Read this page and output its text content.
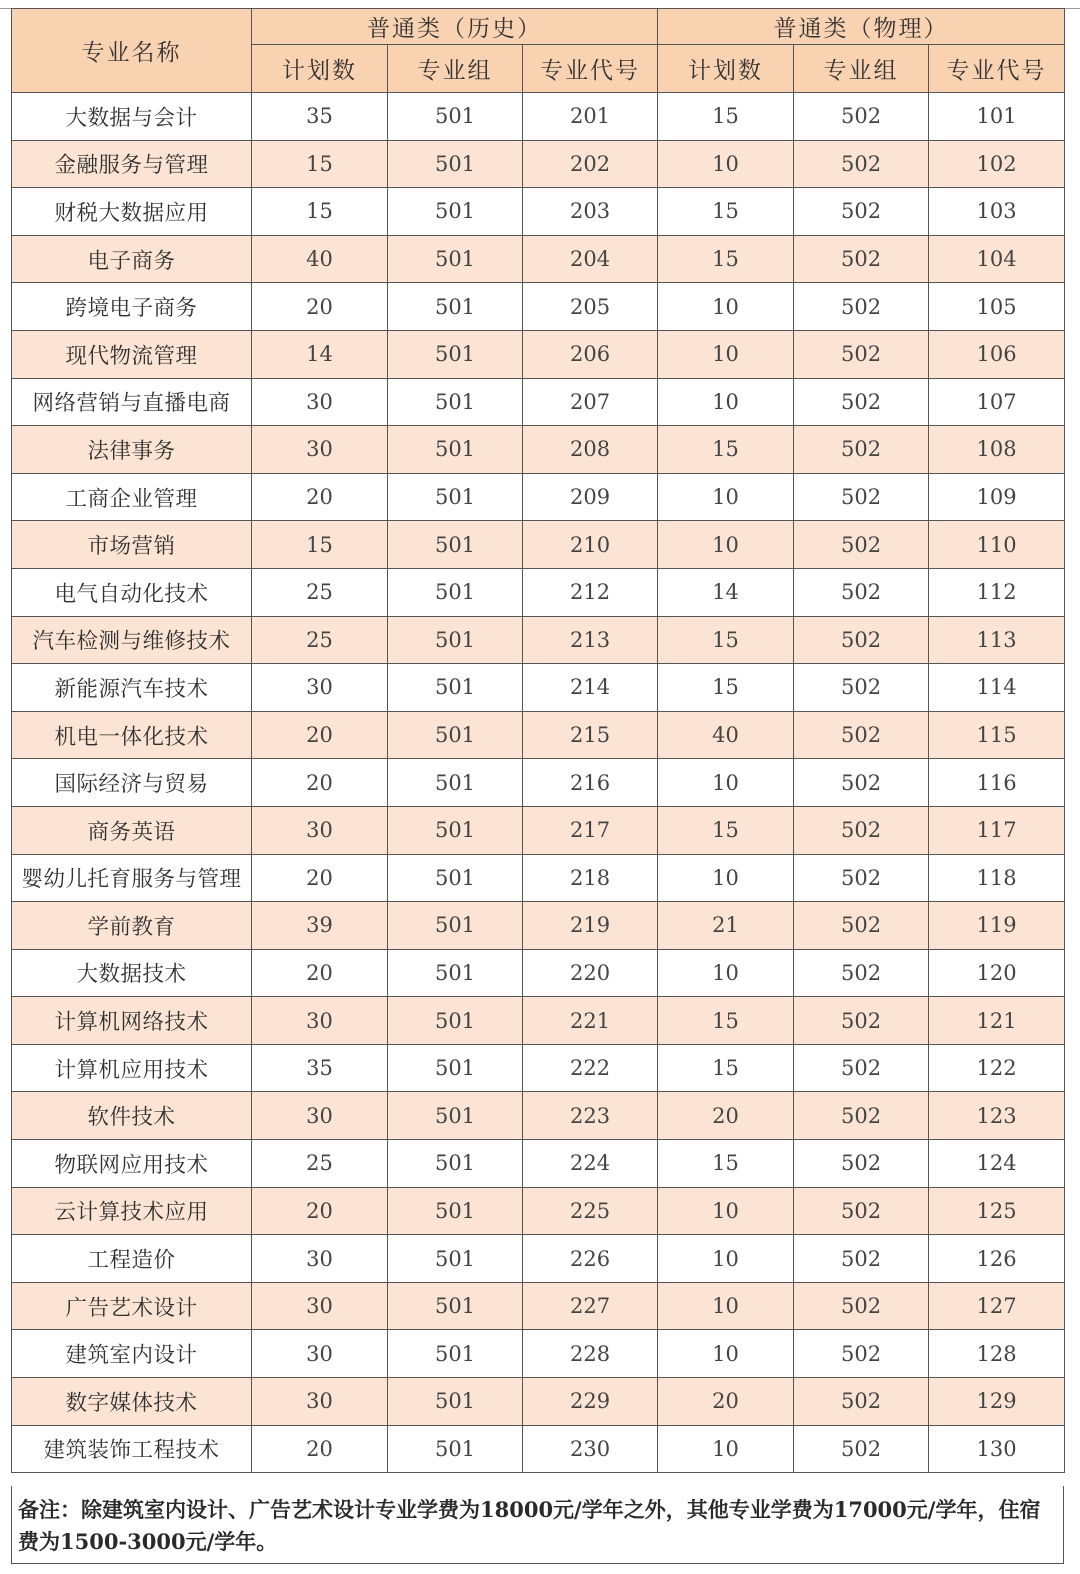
专业名称	普通类（历史）			普通类（物理）		
	计划数	专业组	专业代号	计划数	专业组	专业代号
大数据与会计	35	501	201	15	502	101
金融服务与管理	15	501	202	10	502	102
财税大数据应用	15	501	203	15	502	103
电子商务	40	501	204	15	502	104
跨境电子商务	20	501	205	10	502	105
现代物流管理	14	501	206	10	502	106
网络营销与直播电商	30	501	207	10	502	107
法律事务	30	501	208	15	502	108
工商企业管理	20	501	209	10	502	109
市场营销	15	501	210	10	502	110
电气自动化技术	25	501	212	14	502	112
汽车检测与维修技术	25	501	213	15	502	113
新能源汽车技术	30	501	214	15	502	114
机电一体化技术	20	501	215	40	502	115
国际经济与贸易	20	501	216	10	502	116
商务英语	30	501	217	15	502	117
婴幼儿托育服务与管理	20	501	218	10	502	118
学前教育	39	501	219	21	502	119
大数据技术	20	501	220	10	502	120
计算机网络技术	30	501	221	15	502	121
计算机应用技术	35	501	222	15	502	122
软件技术	30	501	223	20	502	123
物联网应用技术	25	501	224	15	502	124
云计算技术应用	20	501	225	10	502	125
工程造价	30	501	226	10	502	126
广告艺术设计	30	501	227	10	502	127
建筑室内设计	30	501	228	10	502	128
数字媒体技术	30	501	229	20	502	129
建筑装饰工程技术	20	501	230	10	502	130
备注：除建筑室内设计、广告艺术设计专业学费为18000元/学年之外，其他专业学费为17000元/学年，住宿费为1500-3000元/学年。
